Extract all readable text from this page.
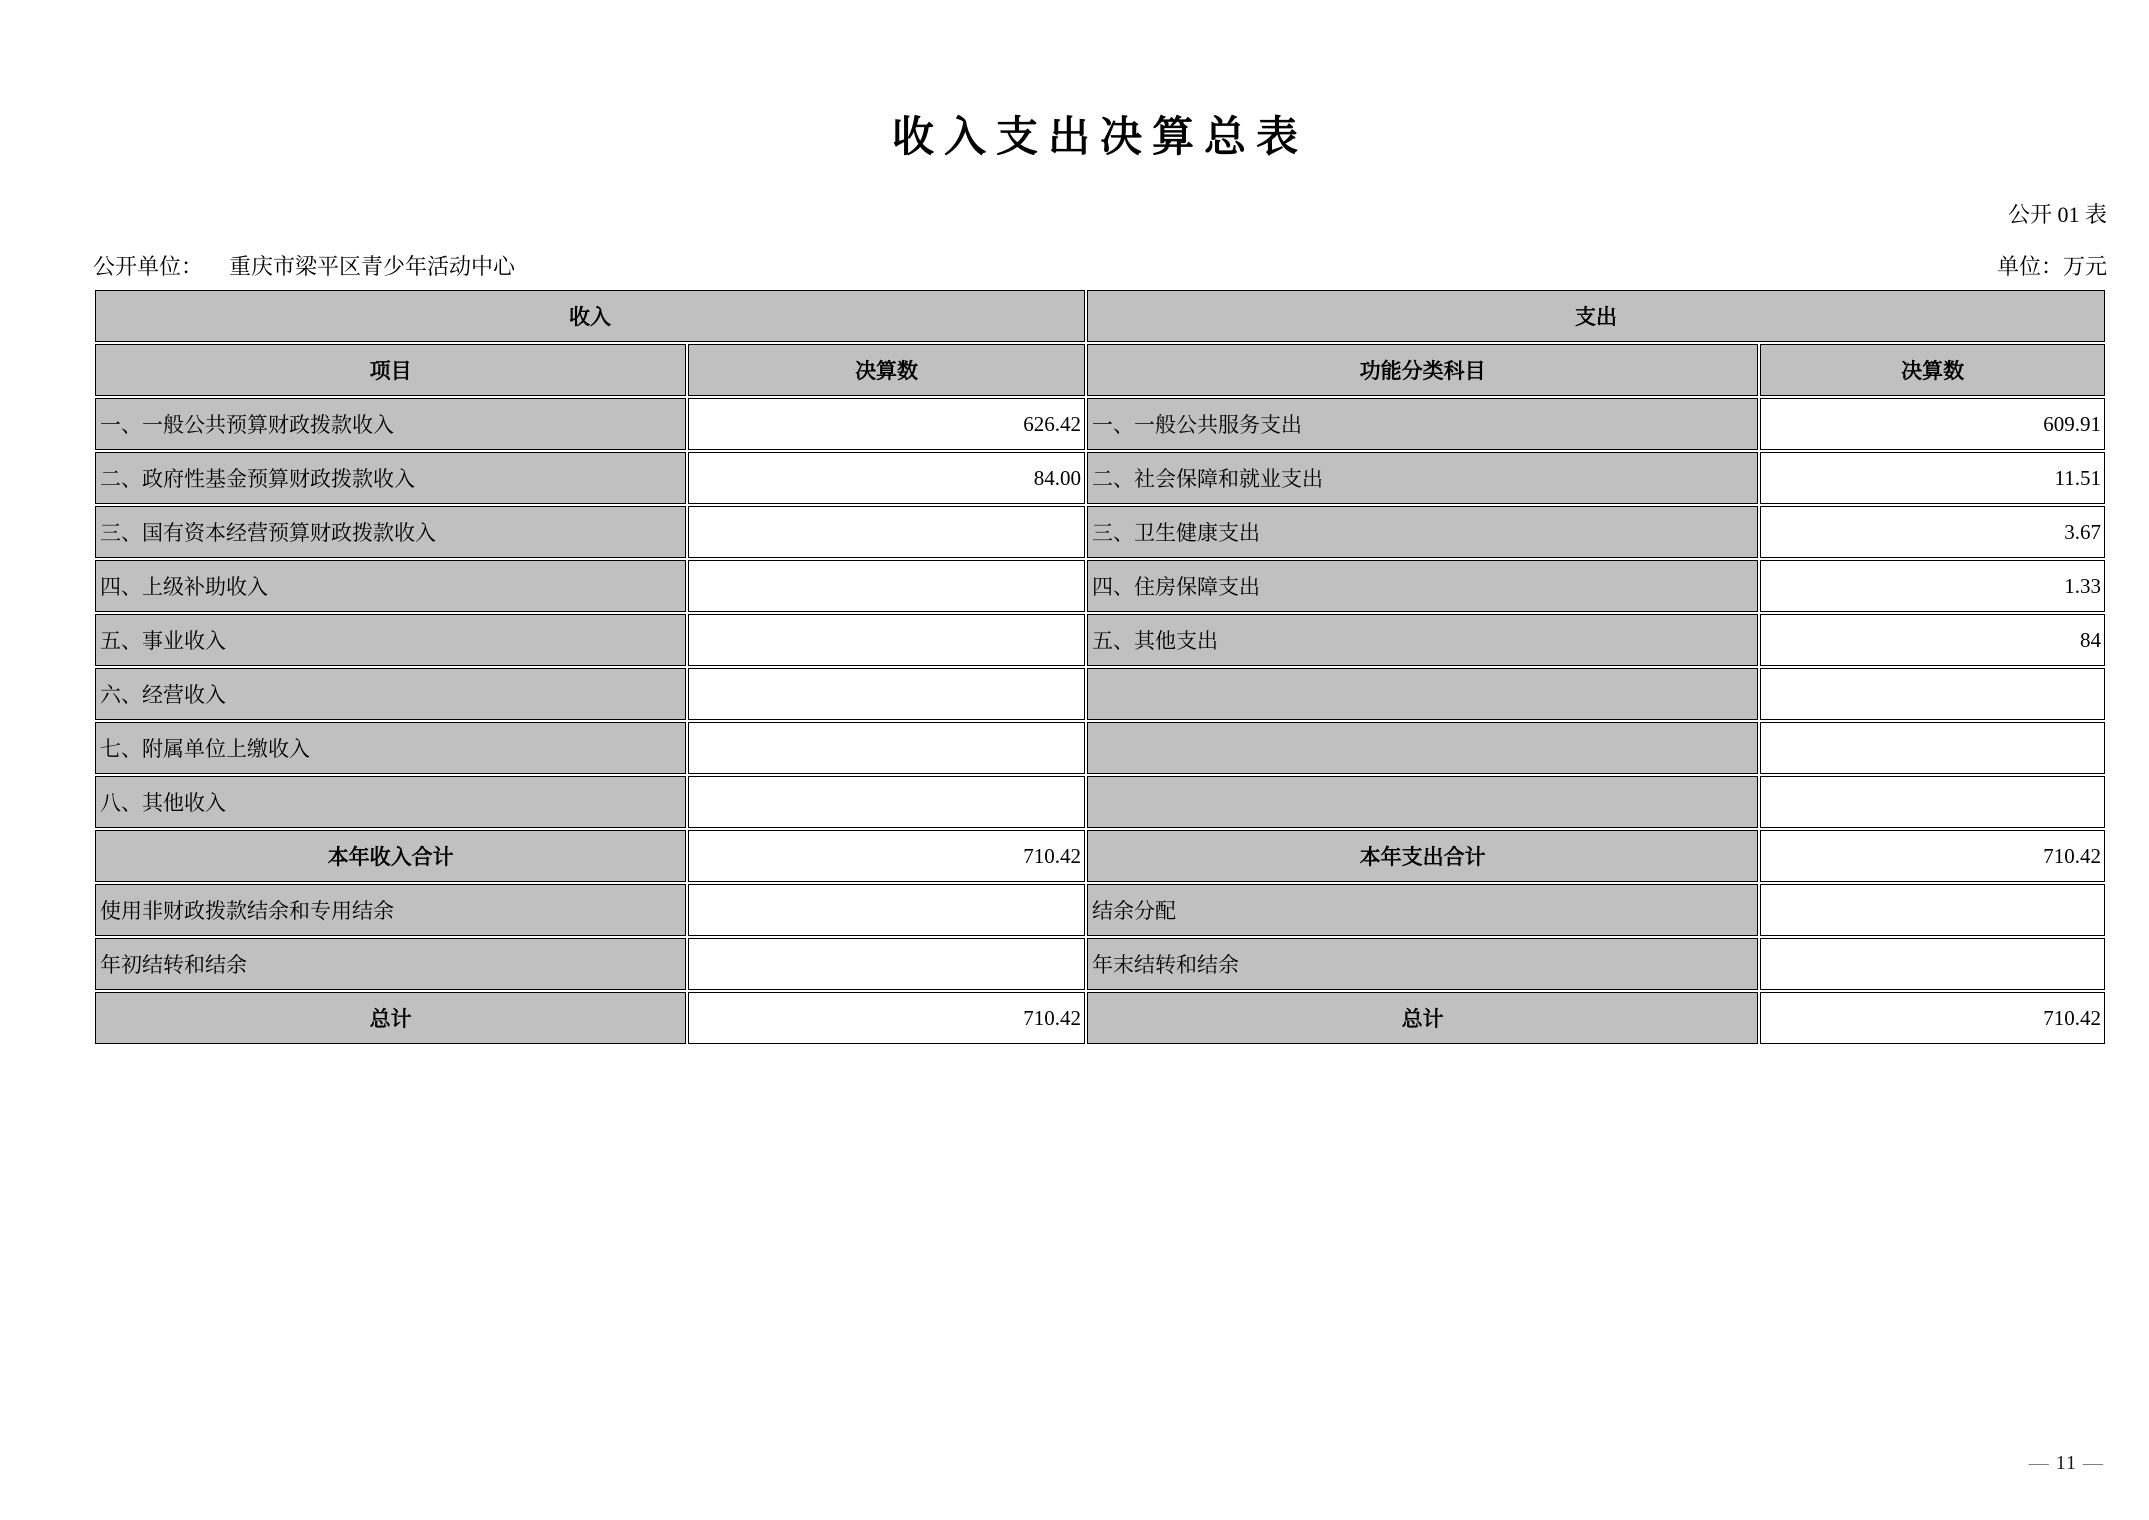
收入支出决算总表
公开 01 表
公开单位： 重庆市梁平区青少年活动中心	单位：万元
收入		支出	
项目	决算数	功能分类科目	决算数
一、一般公共预算财政拨款收入	626.42	一、一般公共服务支出	609.91
二、政府性基金预算财政拨款收入	84.00	二、社会保障和就业支出	11.51
三、国有资本经营预算财政拨款收入		三、卫生健康支出	3.67
四、上级补助收入		四、住房保障支出	1.33
五、事业收入		五、其他支出	84
六、经营收入			
七、附属单位上缴收入			
八、其他收入			
本年收入合计	710.42	本年支出合计	710.42
使用非财政拨款结余和专用结余		结余分配	
年初结转和结余		年末结转和结余	
总计	710.42	总计	710.42
— 11 —
